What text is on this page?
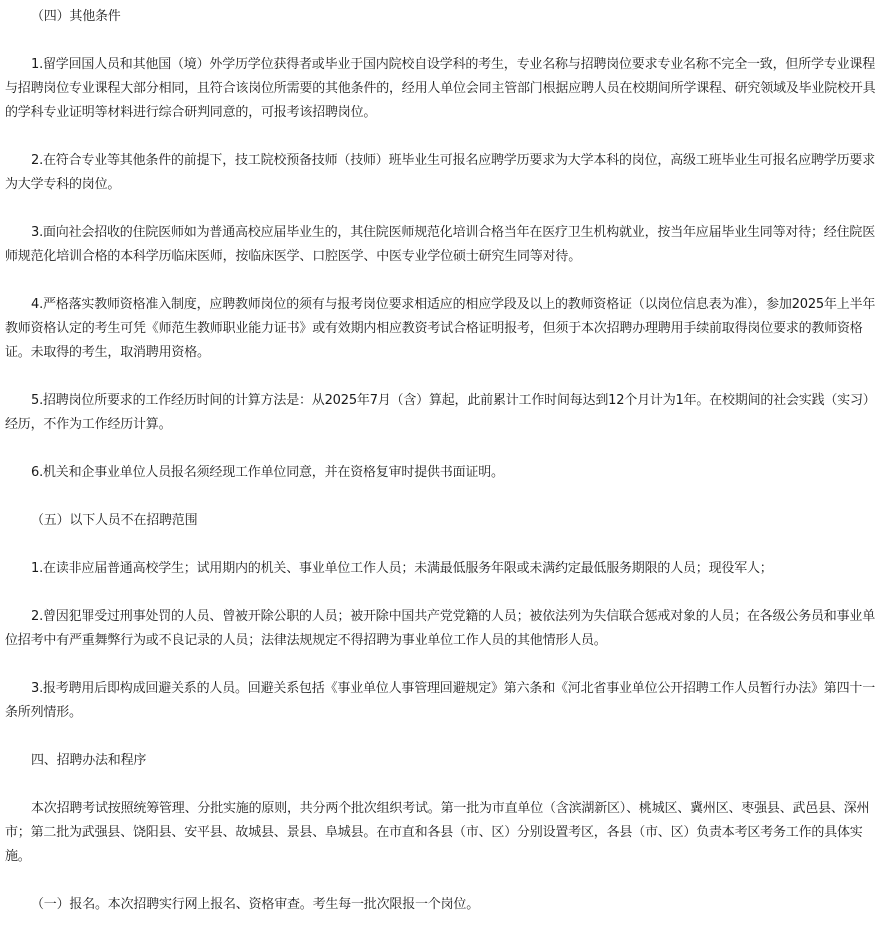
（四）其他条件

1.留学回国人员和其他国（境）外学历学位获得者或毕业于国内院校自设学科的考生，专业名称与招聘岗位要求专业名称不完全一致，但所学专业课程与招聘岗位专业课程大部分相同，且符合该岗位所需要的其他条件的，经用人单位会同主管部门根据应聘人员在校期间所学课程、研究领域及毕业院校开具的学科专业证明等材料进行综合研判同意的，可报考该招聘岗位。

2.在符合专业等其他条件的前提下，技工院校预备技师（技师）班毕业生可报名应聘学历要求为大学本科的岗位，高级工班毕业生可报名应聘学历要求为大学专科的岗位。

3.面向社会招收的住院医师如为普通高校应届毕业生的，其住院医师规范化培训合格当年在医疗卫生机构就业，按当年应届毕业生同等对待；经住院医师规范化培训合格的本科学历临床医师，按临床医学、口腔医学、中医专业学位硕士研究生同等对待。

4.严格落实教师资格准入制度，应聘教师岗位的须有与报考岗位要求相适应的相应学段及以上的教师资格证（以岗位信息表为准），参加2025年上半年教师资格认定的考生可凭《师范生教师职业能力证书》或有效期内相应教资考试合格证明报考，但须于本次招聘办理聘用手续前取得岗位要求的教师资格证。未取得的考生，取消聘用资格。

5.招聘岗位所要求的工作经历时间的计算方法是：从2025年7月（含）算起，此前累计工作时间每达到12个月计为1年。在校期间的社会实践（实习）经历，不作为工作经历计算。

6.机关和企事业单位人员报名须经现工作单位同意，并在资格复审时提供书面证明。

（五）以下人员不在招聘范围

1.在读非应届普通高校学生；试用期内的机关、事业单位工作人员；未满最低服务年限或未满约定最低服务期限的人员；现役军人；

2.曾因犯罪受过刑事处罚的人员、曾被开除公职的人员；被开除中国共产党党籍的人员；被依法列为失信联合惩戒对象的人员；在各级公务员和事业单位招考中有严重舞弊行为或不良记录的人员；法律法规规定不得招聘为事业单位工作人员的其他情形人员。

3.报考聘用后即构成回避关系的人员。回避关系包括《事业单位人事管理回避规定》第六条和《河北省事业单位公开招聘工作人员暂行办法》第四十一条所列情形。

四、招聘办法和程序

本次招聘考试按照统筹管理、分批实施的原则，共分两个批次组织考试。第一批为市直单位（含滨湖新区）、桃城区、冀州区、枣强县、武邑县、深州市；第二批为武强县、饶阳县、安平县、故城县、景县、阜城县。在市直和各县（市、区）分别设置考区，各县（市、区）负责本考区考务工作的具体实施。

（一）报名。本次招聘实行网上报名、资格审查。考生每一批次限报一个岗位。
